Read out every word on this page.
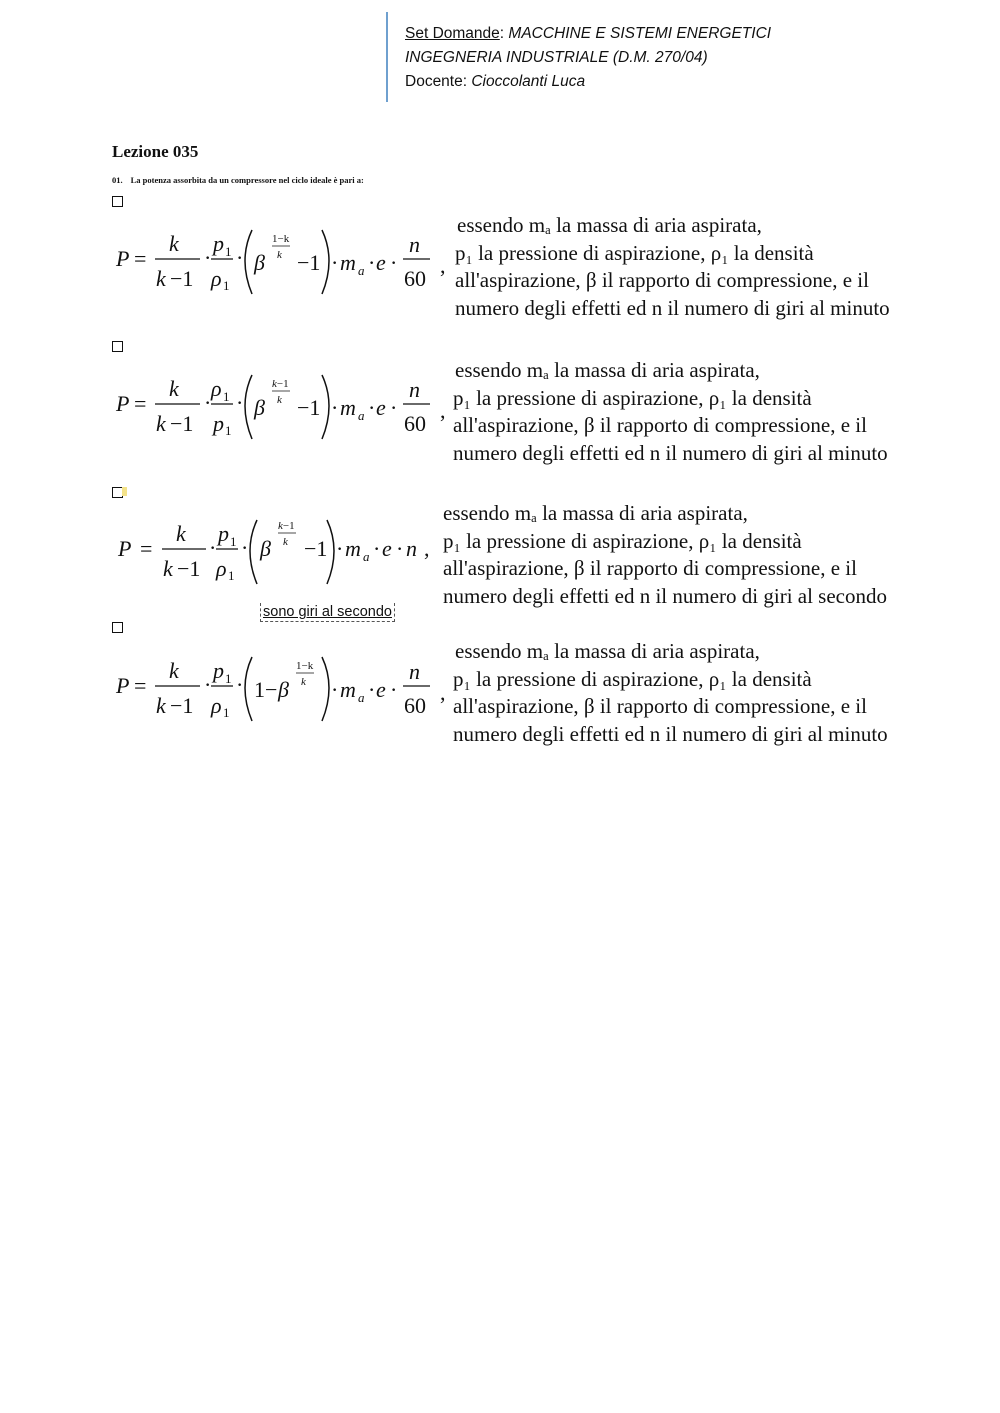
Set Domande: MACCHINE E SISTEMI ENERGETICI
INGEGNERIA INDUSTRIALE (D.M. 270/04)
Docente: Cioccolanti Luca
Lezione 035
01. La potenza assorbita da un compressore nel ciclo ideale è pari a:
P =
k
k −1
·
p 1
ρ 1
· β
1−k
k −1 · m a · e ·
n
60
,
essendo mₐ la massa di aria aspirata,
p₁ la pressione di aspirazione, ρ₁ la densità
all'aspirazione, β il rapporto di compressione, e il
numero degli effetti ed n il numero di giri al minuto
P =
k
k −1
·
ρ 1
p 1
· β
k−1
k −1 · m a · e ·
n
60
,
essendo mₐ la massa di aria aspirata,
p₁ la pressione di aspirazione, ρ₁ la densità
all'aspirazione, β il rapporto di compressione, e il
numero degli effetti ed n il numero di giri al minuto
P =
k
k −1
·
p 1
ρ 1
· β
k−1
k −1 · m a · e · n ,
essendo mₐ la massa di aria aspirata,
p₁ la pressione di aspirazione, ρ₁ la densità
all'aspirazione, β il rapporto di compressione, e il
numero degli effetti ed n il numero di giri al secondo
sono giri al secondo
P =
k
k −1
·
p 1
ρ 1
· 1− β
1−k
k · m a · e ·
n
60
,
essendo mₐ la massa di aria aspirata,
p₁ la pressione di aspirazione, ρ₁ la densità
all'aspirazione, β il rapporto di compressione, e il
numero degli effetti ed n il numero di giri al minuto
